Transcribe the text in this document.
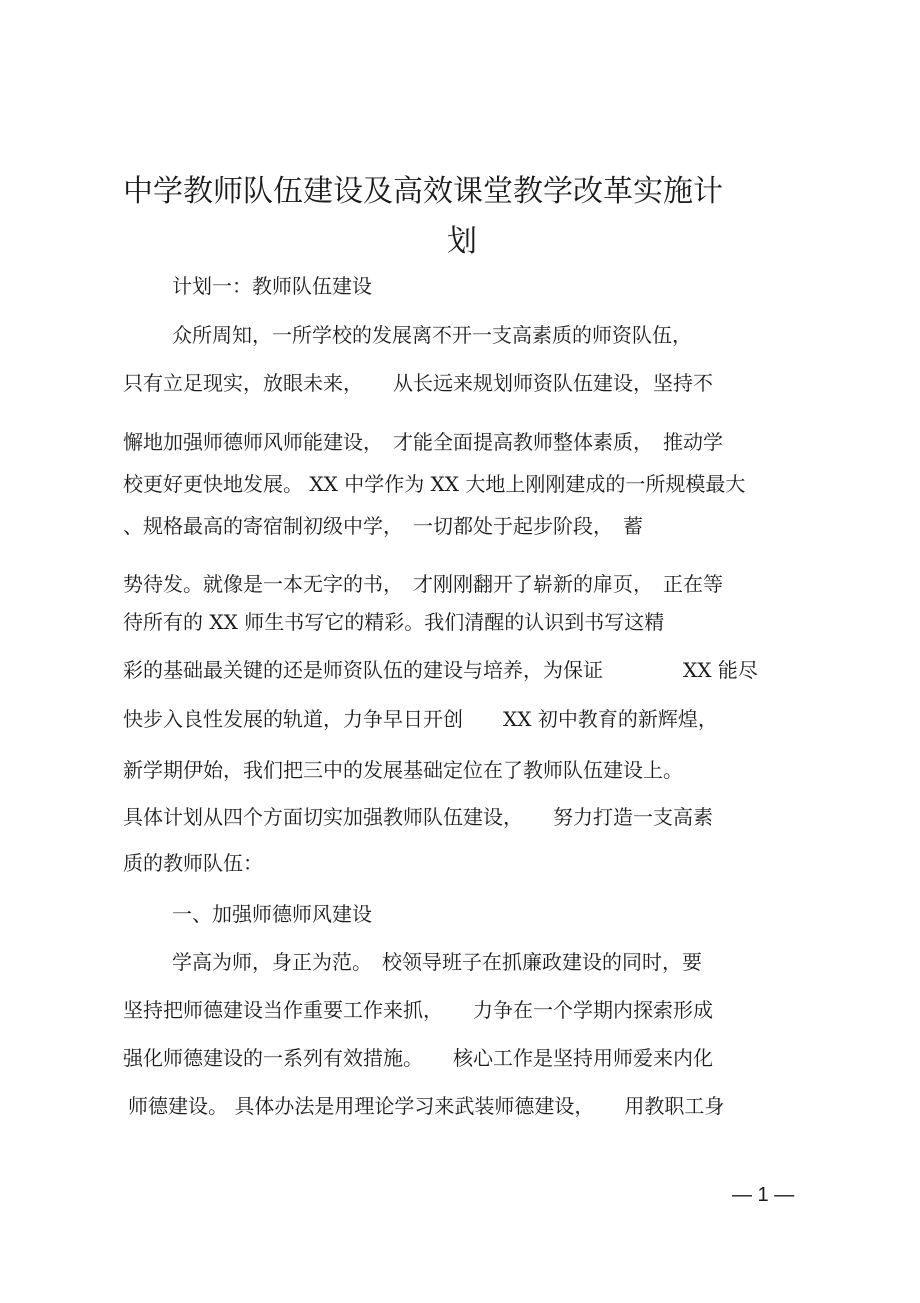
中学教师队伍建设及高效课堂教学改革实施计
划
计划一：教师队伍建设
众所周知，一所学校的发展离不开一支高素质的师资队伍，
只有立足现实，放眼未来，　　从长远来规划师资队伍建设，坚持不
懈地加强师德师风师能建设，　才能全面提高教师整体素质，　推动学
校更好更快地发展。 XX 中学作为 XX 大地上刚刚建成的一所规模最大
、规格最高的寄宿制初级中学，　一切都处于起步阶段，　蓄
势待发。就像是一本无字的书，　才刚刚翻开了崭新的扉页，　正在等
待所有的 XX 师生书写它的精彩。我们清醒的认识到书写这精
彩的基础最关键的还是师资队伍的建设与培养，为保证　　　　XX 能尽
快步入良性发展的轨道，力争早日开创　　XX 初中教育的新辉煌，
新学期伊始，我们把三中的发展基础定位在了教师队伍建设上。
具体计划从四个方面切实加强教师队伍建设，　　努力打造一支高素
质的教师队伍：
一、加强师德师风建设
学高为师，身正为范。　校领导班子在抓廉政建设的同时，要
坚持把师德建设当作重要工作来抓，　　力争在一个学期内探索形成
强化师德建设的一系列有效措施。　　核心工作是坚持用师爱来内化
师德建设。 具体办法是用理论学习来武装师德建设，　　用教职工身
— 1 —
